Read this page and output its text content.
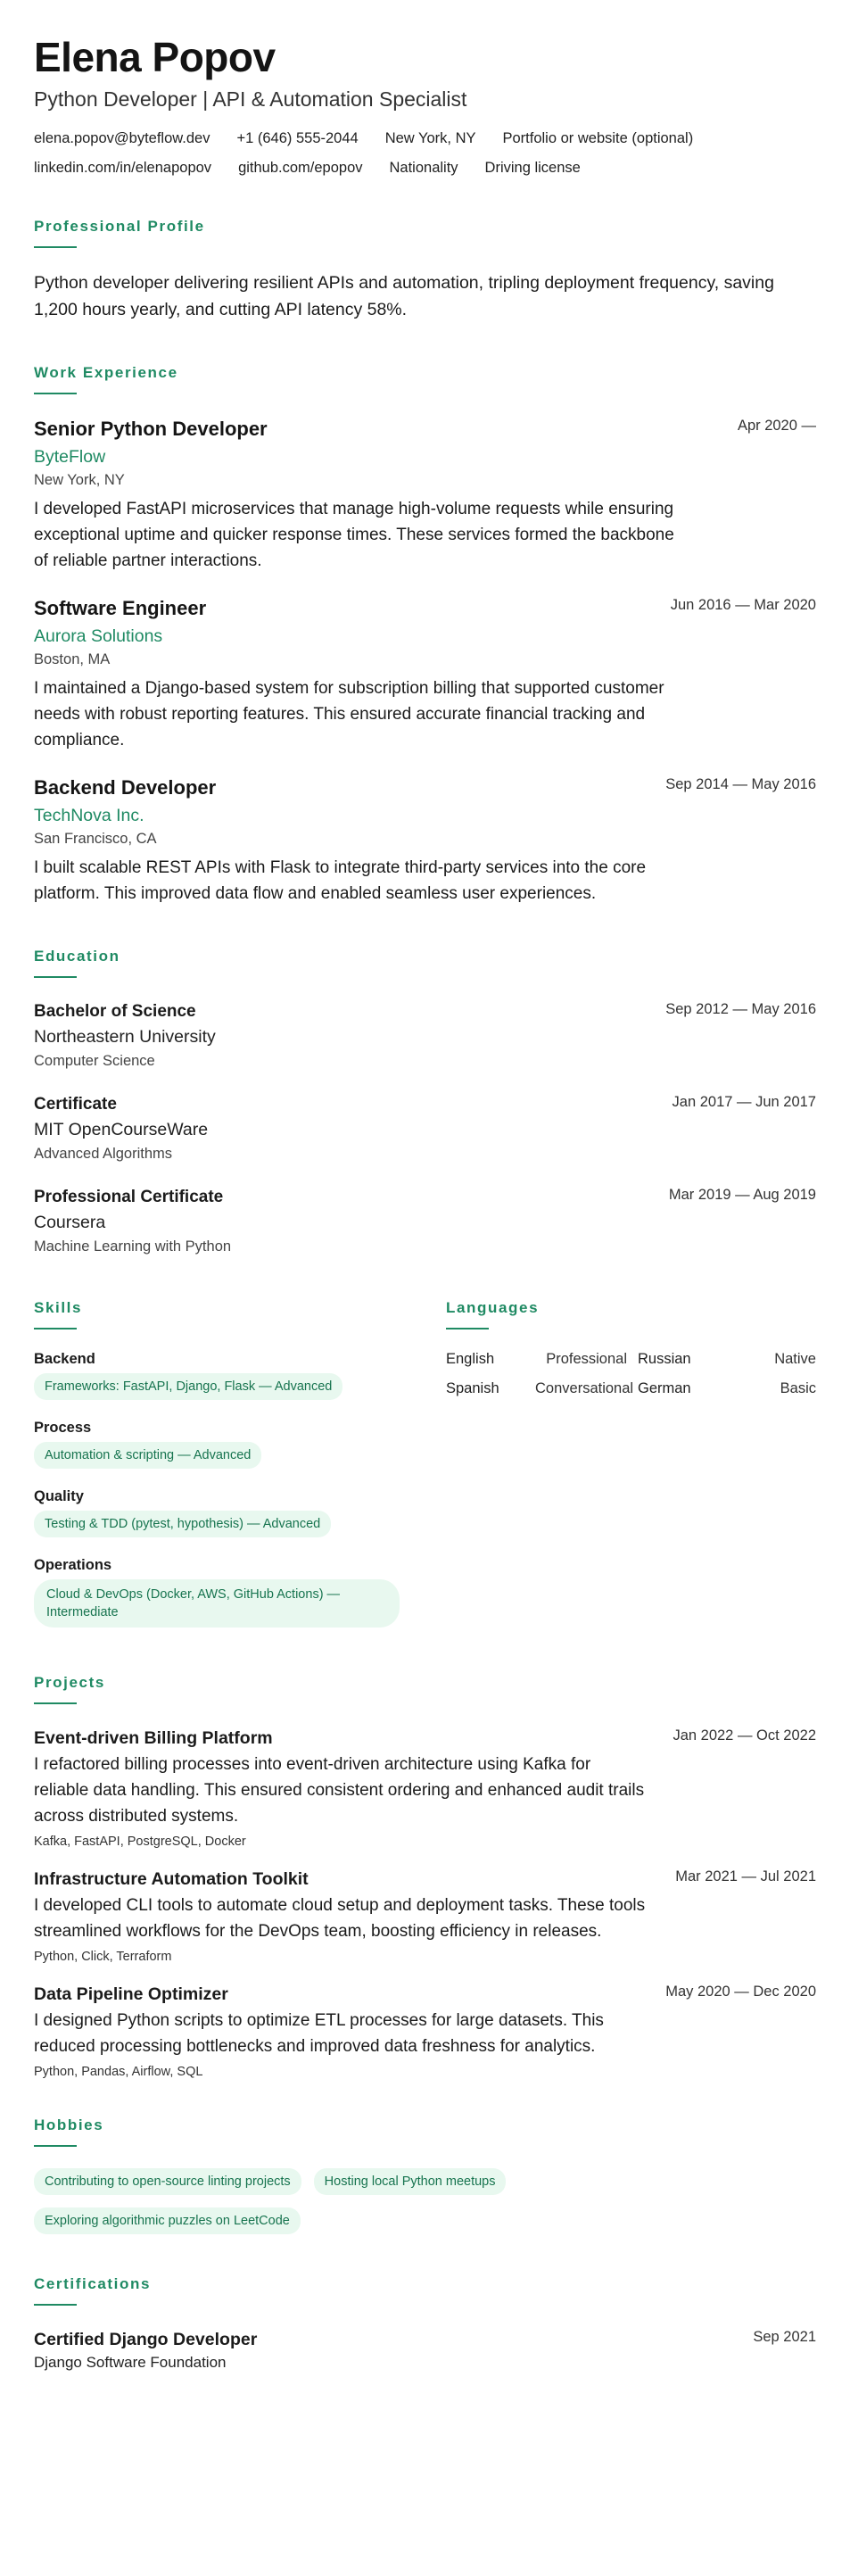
Elena Popov
Python Developer | API & Automation Specialist
elena.popov@byteflow.dev +1 (646) 555-2044 New York, NY Portfolio or website (optional)
linkedin.com/in/elenapopov github.com/epopov Nationality Driving license
Professional Profile
Python developer delivering resilient APIs and automation, tripling deployment frequency, saving 1,200 hours yearly, and cutting API latency 58%.
Work Experience
Senior Python Developer
ByteFlow
New York, NY
I developed FastAPI microservices that manage high-volume requests while ensuring exceptional uptime and quicker response times. These services formed the backbone of reliable partner interactions.
Apr 2020 —
Software Engineer
Aurora Solutions
Boston, MA
I maintained a Django-based system for subscription billing that supported customer needs with robust reporting features. This ensured accurate financial tracking and compliance.
Jun 2016 — Mar 2020
Backend Developer
TechNova Inc.
San Francisco, CA
I built scalable REST APIs with Flask to integrate third-party services into the core platform. This improved data flow and enabled seamless user experiences.
Sep 2014 — May 2016
Education
Bachelor of Science
Northeastern University
Computer Science
Sep 2012 — May 2016
Certificate
MIT OpenCourseWare
Advanced Algorithms
Jan 2017 — Jun 2017
Professional Certificate
Coursera
Machine Learning with Python
Mar 2019 — Aug 2019
Skills
Backend
Frameworks: FastAPI, Django, Flask — Advanced
Process
Automation & scripting — Advanced
Quality
Testing & TDD (pytest, hypothesis) — Advanced
Operations
Cloud & DevOps (Docker, AWS, GitHub Actions) — Intermediate
Languages
English	Professional Russian	Native
Spanish	Conversational German	Basic
Projects
Event-driven Billing Platform
I refactored billing processes into event-driven architecture using Kafka for reliable data handling. This ensured consistent ordering and enhanced audit trails across distributed systems.
Kafka, FastAPI, PostgreSQL, Docker
Jan 2022 — Oct 2022
Infrastructure Automation Toolkit
I developed CLI tools to automate cloud setup and deployment tasks. These tools streamlined workflows for the DevOps team, boosting efficiency in releases.
Python, Click, Terraform
Mar 2021 — Jul 2021
Data Pipeline Optimizer
I designed Python scripts to optimize ETL processes for large datasets. This reduced processing bottlenecks and improved data freshness for analytics.
Python, Pandas, Airflow, SQL
May 2020 — Dec 2020
Hobbies
Contributing to open-source linting projects	Hosting local Python meetups
Exploring algorithmic puzzles on LeetCode
Certifications
Certified Django Developer
Django Software Foundation
Sep 2021
